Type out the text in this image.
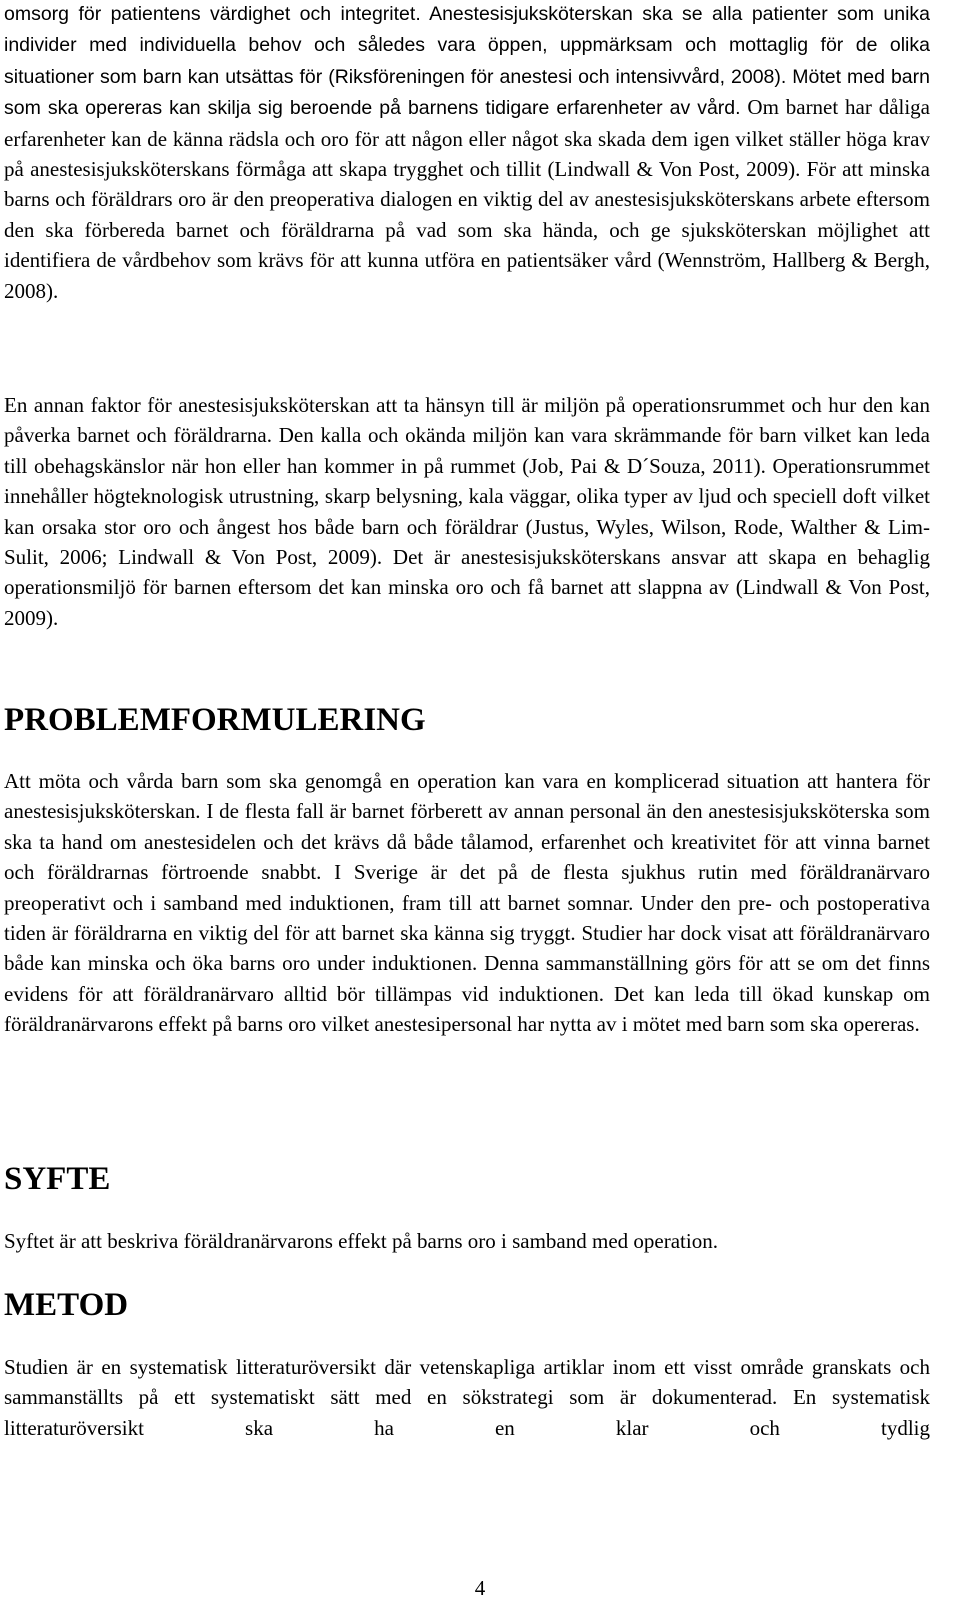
omsorg för patientens värdighet och integritet. Anestesisjuksköterskan ska se alla patienter som unika individer med individuella behov och således vara öppen, uppmärksam och mottaglig för de olika situationer som barn kan utsättas för (Riksföreningen för anestesi och intensivvård, 2008). Mötet med barn som ska opereras kan skilja sig beroende på barnens tidigare erfarenheter av vård. Om barnet har dåliga erfarenheter kan de känna rädsla och oro för att någon eller något ska skada dem igen vilket ställer höga krav på anestesisjuksköterskans förmåga att skapa trygghet och tillit (Lindwall & Von Post, 2009). För att minska barns och föräldrars oro är den preoperativa dialogen en viktig del av anestesisjuksköterskans arbete eftersom den ska förbereda barnet och föräldrarna på vad som ska hända, och ge sjuksköterskan möjlighet att identifiera de vårdbehov som krävs för att kunna utföra en patientsäker vård (Wennström, Hallberg & Bergh, 2008).

En annan faktor för anestesisjuksköterskan att ta hänsyn till är miljön på operationsrummet och hur den kan påverka barnet och föräldrarna. Den kalla och okända miljön kan vara skrämmande för barn vilket kan leda till obehagskänslor när hon eller han kommer in på rummet (Job, Pai & D´Souza, 2011). Operationsrummet innehåller högteknologisk utrustning, skarp belysning, kala väggar, olika typer av ljud och speciell doft vilket kan orsaka stor oro och ångest hos både barn och föräldrar (Justus, Wyles, Wilson, Rode, Walther & Lim-Sulit, 2006; Lindwall & Von Post, 2009). Det är anestesisjuksköterskans ansvar att skapa en behaglig operationsmiljö för barnen eftersom det kan minska oro och få barnet att slappna av (Lindwall & Von Post, 2009).

PROBLEMFORMULERING

Att möta och vårda barn som ska genomgå en operation kan vara en komplicerad situation att hantera för anestesisjuksköterskan. I de flesta fall är barnet förberett av annan personal än den anestesisjuksköterska som ska ta hand om anestesidelen och det krävs då både tålamod, erfarenhet och kreativitet för att vinna barnet och föräldrarnas förtroende snabbt. I Sverige är det på de flesta sjukhus rutin med föräldranärvaro preoperativt och i samband med induktionen, fram till att barnet somnar. Under den pre- och postoperativa tiden är föräldrarna en viktig del för att barnet ska känna sig tryggt. Studier har dock visat att föräldranärvaro både kan minska och öka barns oro under induktionen. Denna sammanställning görs för att se om det finns evidens för att föräldranärvaro alltid bör tillämpas vid induktionen. Det kan leda till ökad kunskap om föräldranärvarons effekt på barns oro vilket anestesipersonal har nytta av i mötet med barn som ska opereras.

SYFTE

Syftet är att beskriva föräldranärvarons effekt på barns oro i samband med operation.

METOD

Studien är en systematisk litteraturöversikt där vetenskapliga artiklar inom ett visst område granskats och sammanställts på ett systematiskt sätt med en sökstrategi som är dokumenterad. En systematisk litteraturöversikt ska ha en klar och tydlig

4
